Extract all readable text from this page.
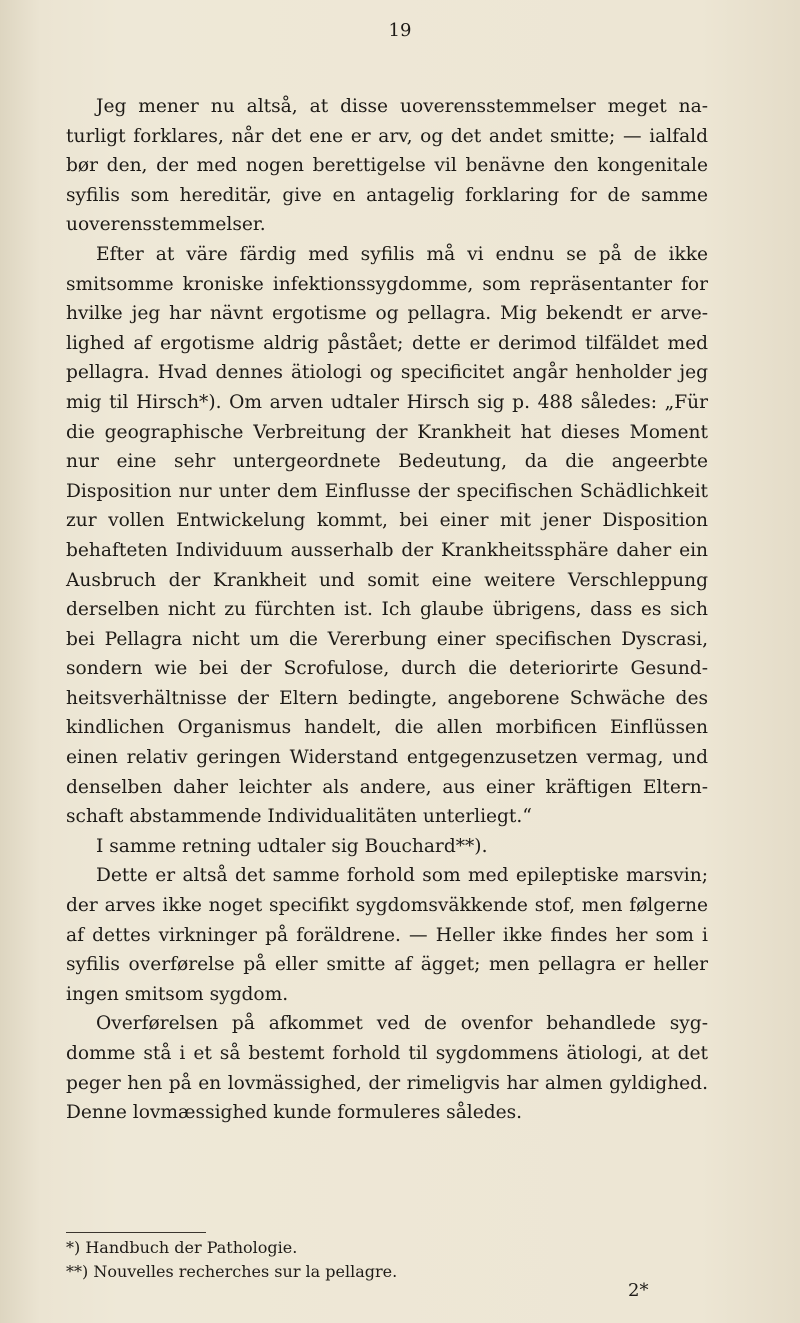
19

Jeg mener nu altså, at disse uoverensstemmelser meget naturligt forklares, når det ene er arv, og det andet smitte; — ialfald bør den, der med nogen berettigelse vil benävne den kongenitale syfilis som hereditär, give en antagelig forklaring for de samme uoverensstemmelser.

Efter at väre färdig med syfilis må vi endnu se på de ikke smitsomme kroniske infektionssygdomme, som repräsentanter for hvilke jeg har nävnt ergotisme og pellagra. Mig bekendt er arvelighed af ergotisme aldrig påstået; dette er derimod tilfäldet med pellagra. Hvad dennes ätiologi og specificitet angår henholder jeg mig til Hirsch*). Om arven udtaler Hirsch sig p. 488 således: „Für die geographische Verbreitung der Krankheit hat dieses Moment nur eine sehr untergeordnete Bedeutung, da die angeerbte Disposition nur unter dem Einflusse der specifischen Schädlichkeit zur vollen Entwickelung kommt, bei einer mit jener Disposition behafteten Individuum ausserhalb der Krankheitssphäre daher ein Ausbruch der Krankheit und somit eine weitere Verschleppung derselben nicht zu fürchten ist. Ich glaube übrigens, dass es sich bei Pellagra nicht um die Vererbung einer specifischen Dyscrasi, sondern wie bei der Scrofulose, durch die deteriorirte Gesundheitsverhältnisse der Eltern bedingte, angeborene Schwäche des kindlichen Organismus handelt, die allen morbificen Einflüssen einen relativ geringen Widerstand entgegenzusetzen vermag, und denselben daher leichter als andere, aus einer kräftigen Elternschaft abstammende Individualitäten unterliegt.“

I samme retning udtaler sig Bouchard**).

Dette er altså det samme forhold som med epileptiske marsvin; der arves ikke noget specifikt sygdomsväkkende stof, men følgerne af dettes virkninger på foräldrene. — Heller ikke findes her som i syfilis overførelse på eller smitte af ägget; men pellagra er heller ingen smitsom sygdom.

Overførelsen på afkommet ved de ovenfor behandlede sygdomme stå i et så bestemt forhold til sygdommens ätiologi, at det peger hen på en lovmässighed, der rimeligvis har almen gyldighed. Denne lovmæssighed kunde formuleres således.

*) Handbuch der Pathologie.
**) Nouvelles recherches sur la pellagre.
2*
